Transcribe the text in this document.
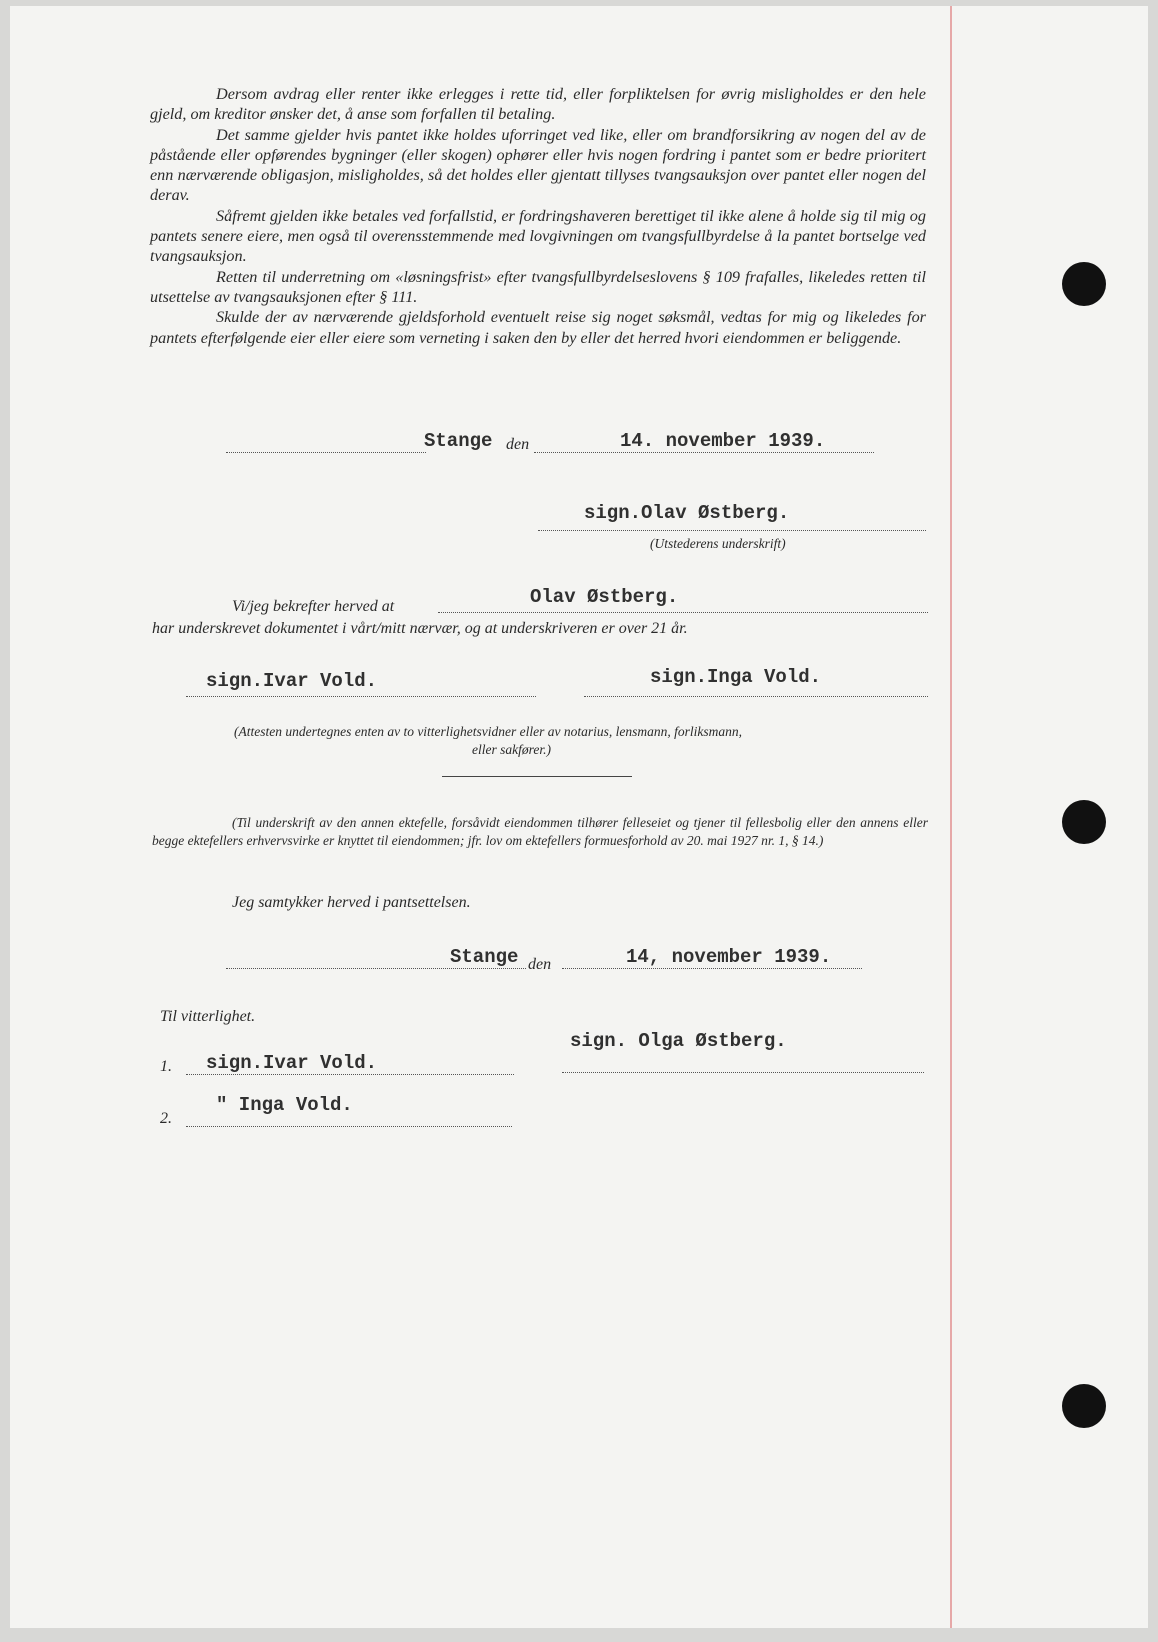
Dersom avdrag eller renter ikke erlegges i rette tid, eller forpliktelsen for øvrig misligholdes er den hele gjeld, om kreditor ønsker det, å anse som forfallen til betaling.

Det samme gjelder hvis pantet ikke holdes uforringet ved like, eller om brandforsikring av nogen del av de påstående eller opførendes bygninger (eller skogen) ophører eller hvis nogen fordring i pantet som er bedre prioritert enn nærværende obligasjon, misligholdes, så det holdes eller gjentatt tillyses tvangsauksjon over pantet eller nogen del derav.

Såfremt gjelden ikke betales ved forfallstid, er fordringshaveren berettiget til ikke alene å holde sig til mig og pantets senere eiere, men også til overensstemmende med lovgivningen om tvangsfullbyrdelse å la pantet bortselge ved tvangsauksjon.

Retten til underretning om «løsningsfrist» efter tvangsfullbyrdelseslovens § 109 frafalles, likeledes retten til utsettelse av tvangsauksjonen efter § 111.

Skulde der av nærværende gjeldsforhold eventuelt reise sig noget søksmål, vedtas for mig og likeledes for pantets efterfølgende eier eller eiere som verneting i saken den by eller det herred hvori eiendommen er beliggende.

Stange den	14. november 1939.
sign.Olav Østberg.
(Utstederens underskrift)
Vi/jeg bekrefter herved at	Olav Østberg.
har underskrevet dokumentet i vårt/mitt nærvær, og at underskriveren er over 21 år.
sign.Ivar Vold.	sign.Inga Vold.
(Attesten undertegnes enten av to vitterlighetsvidner eller av notarius, lensmann, forliksmann,
eller sakfører.)
(Til underskrift av den annen ektefelle, forsåvidt eiendommen tilhører felleseiet og tjener til fellesbolig eller den annens eller begge ektefellers erhvervsvirke er knyttet til eiendommen; jfr. lov om ektefellers formuesforhold av 20. mai 1927 nr. 1, § 14.)
Jeg samtykker herved i pantsettelsen.
Stange den	14, november 1939.
Til vitterlighet.
sign. Olga Østberg.
1. sign.Ivar Vold.
2.
" Inga Vold.
